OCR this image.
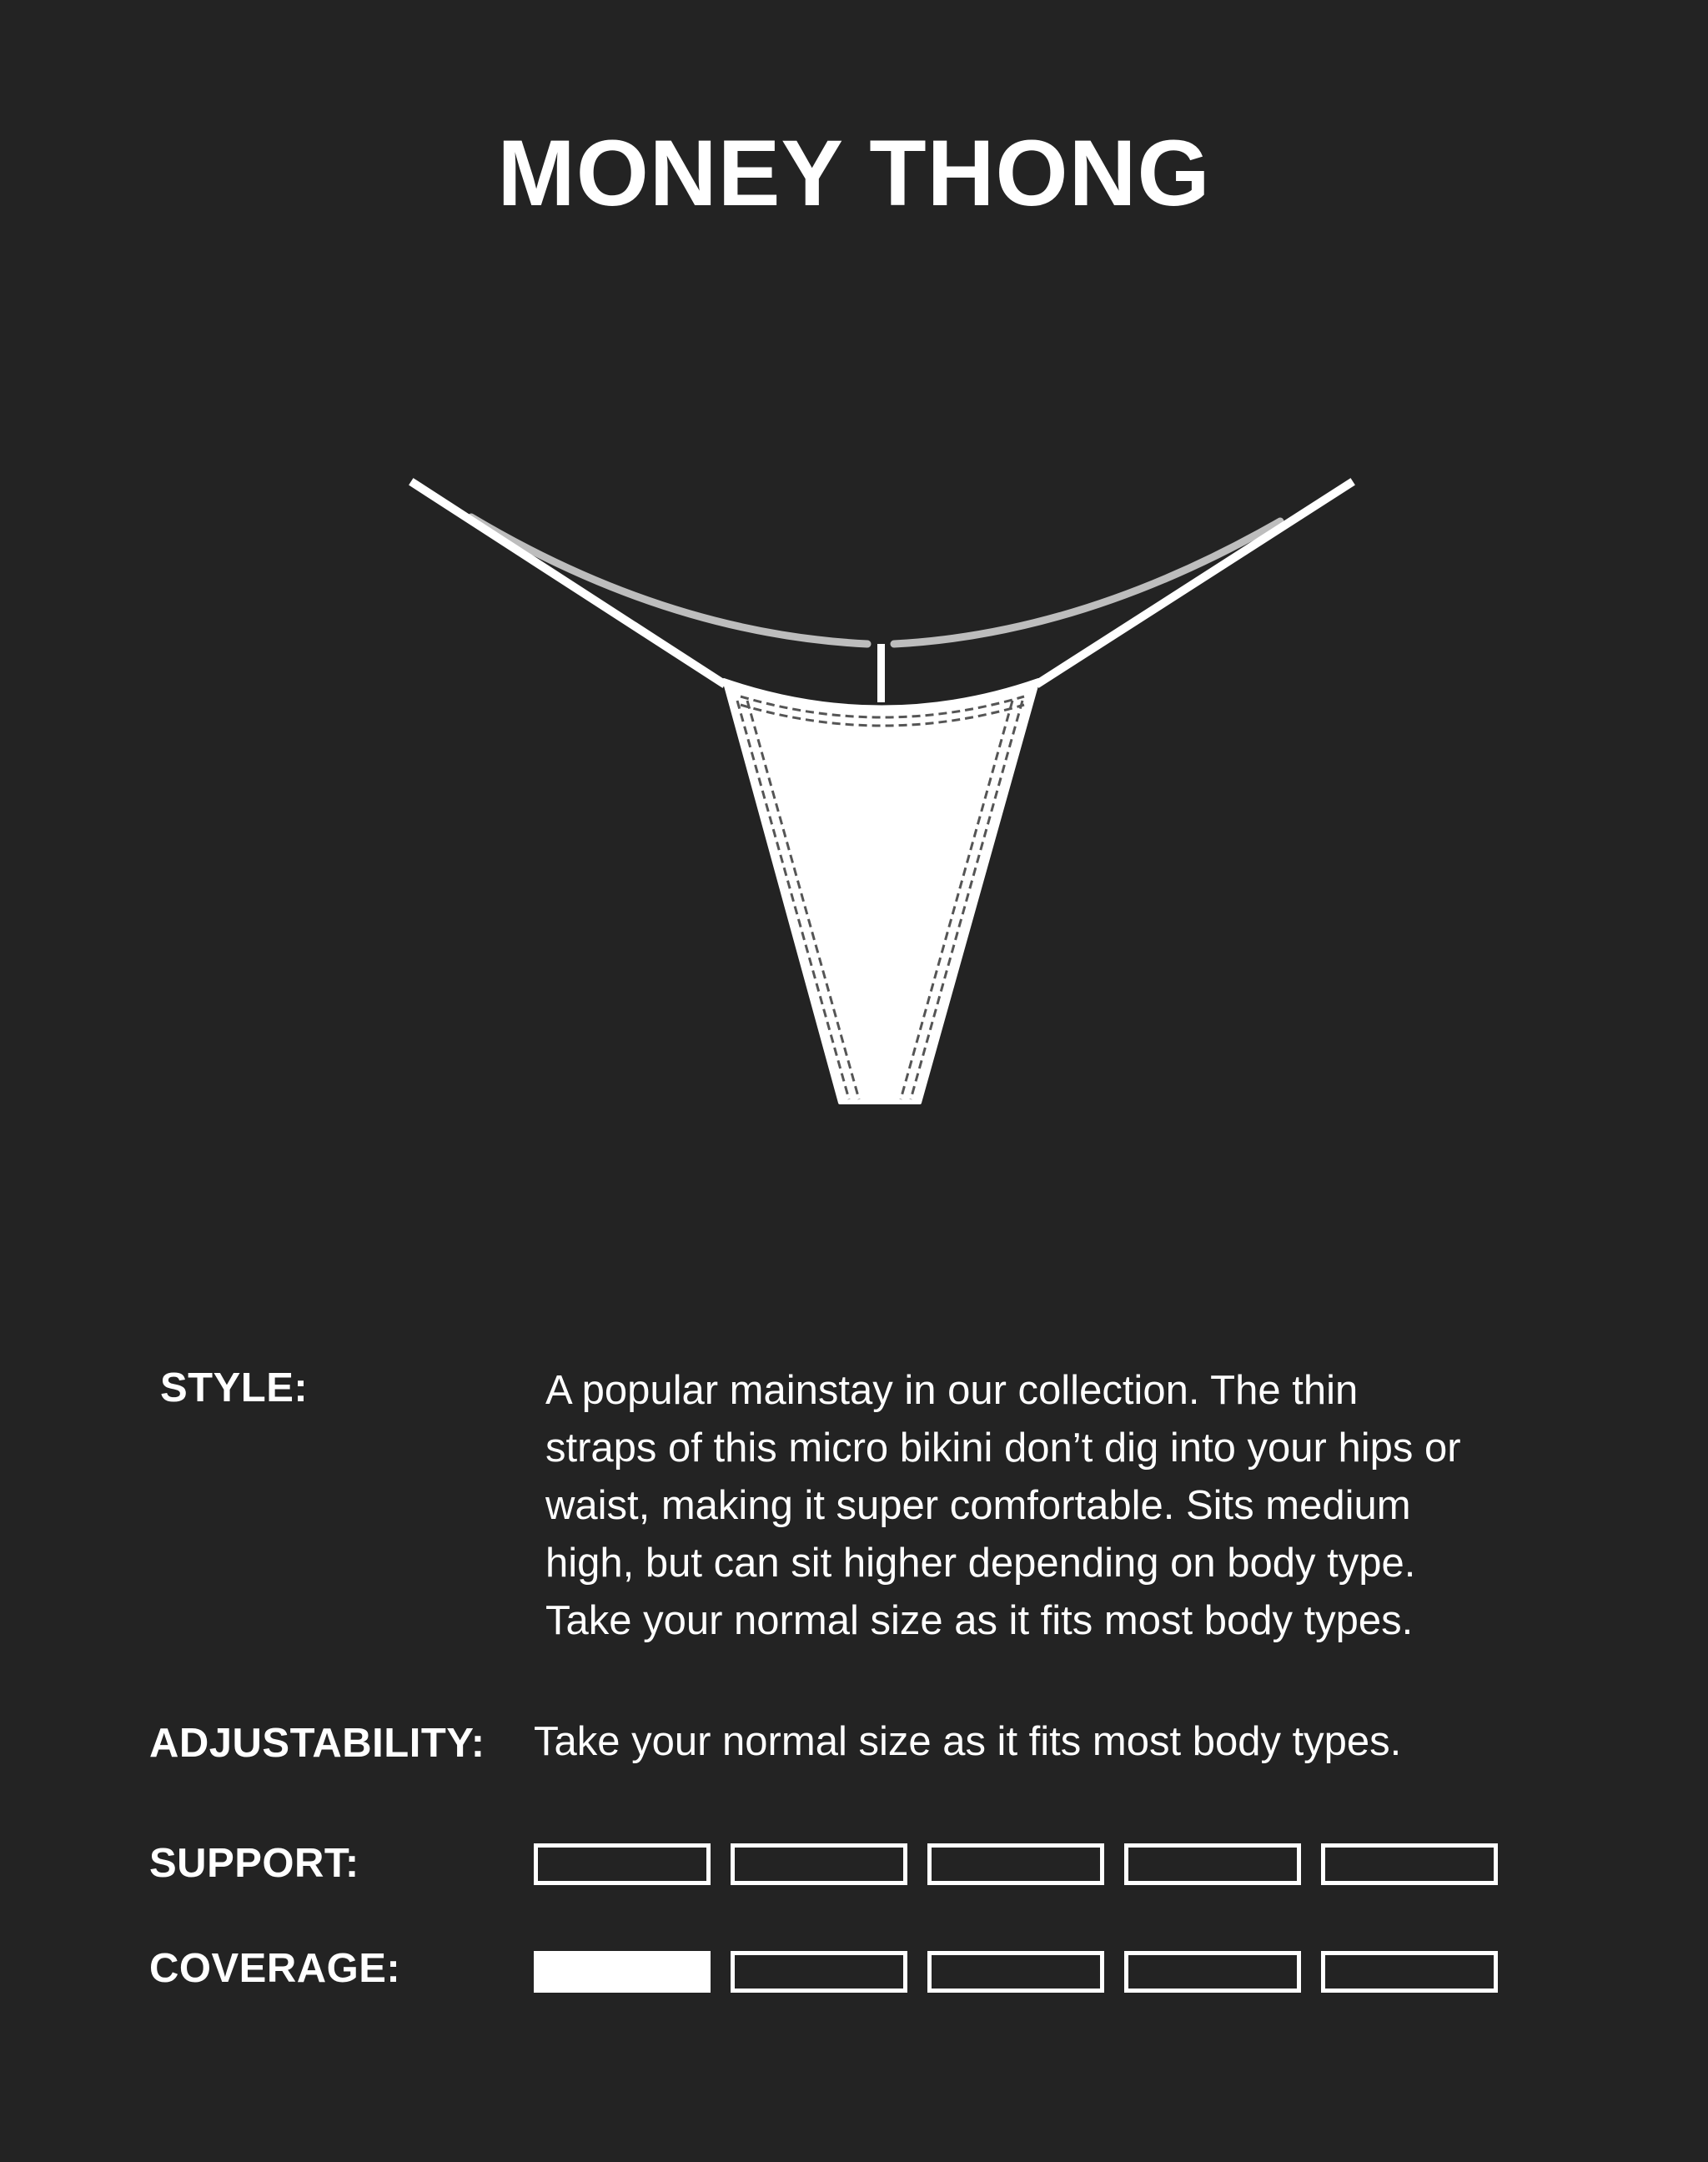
MONEY THONG
STYLE:	A popular mainstay in our collection. The thin
straps of this micro bikini don’t dig into your hips or
waist, making it super comfortable. Sits medium
high, but can sit higher depending on body type.
Take your normal size as it fits most body types.
ADJUSTABILITY: Take your normal size as it fits most body types.
SUPPORT:
COVERAGE:
